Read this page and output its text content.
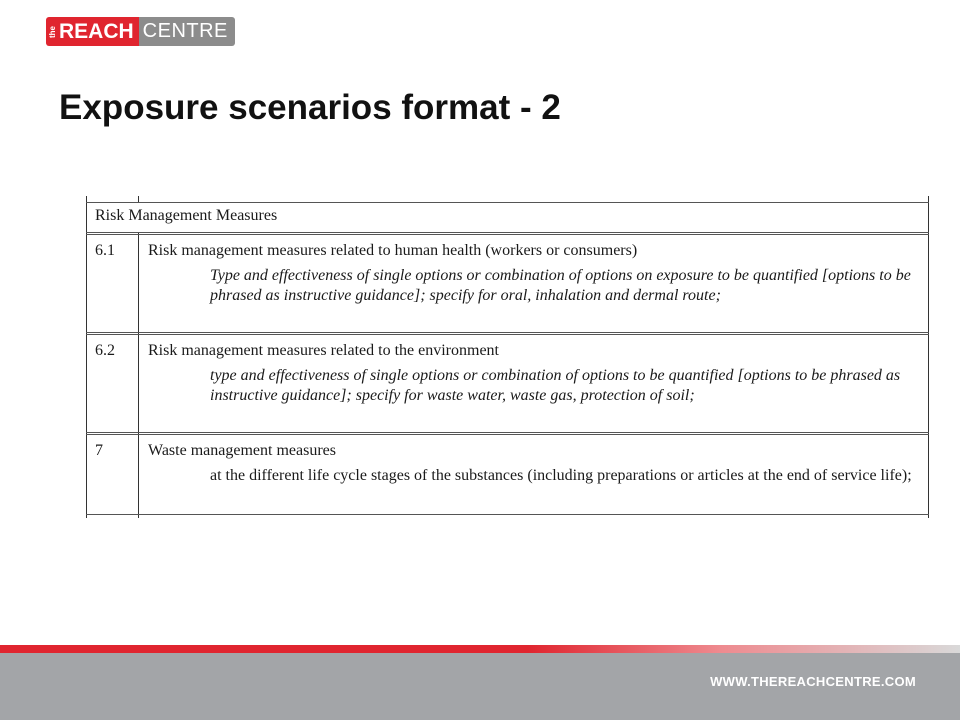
the REACH CENTRE
Exposure scenarios format - 2
Risk Management Measures
6.1 Risk management measures related to human health (workers or consumers)
Type and effectiveness of single options or combination of options on exposure to be quantified [options to be phrased as instructive guidance]; specify for oral, inhalation and dermal route;
6.2 Risk management measures related to the environment
type and effectiveness of single options or combination of options to be quantified [options to be phrased as instructive guidance]; specify for waste water, waste gas, protection of soil;
7	Waste management measures
at the different life cycle stages of the substances (including preparations or articles at the end of service life);
WWW.THEREACHCENTRE.COM
